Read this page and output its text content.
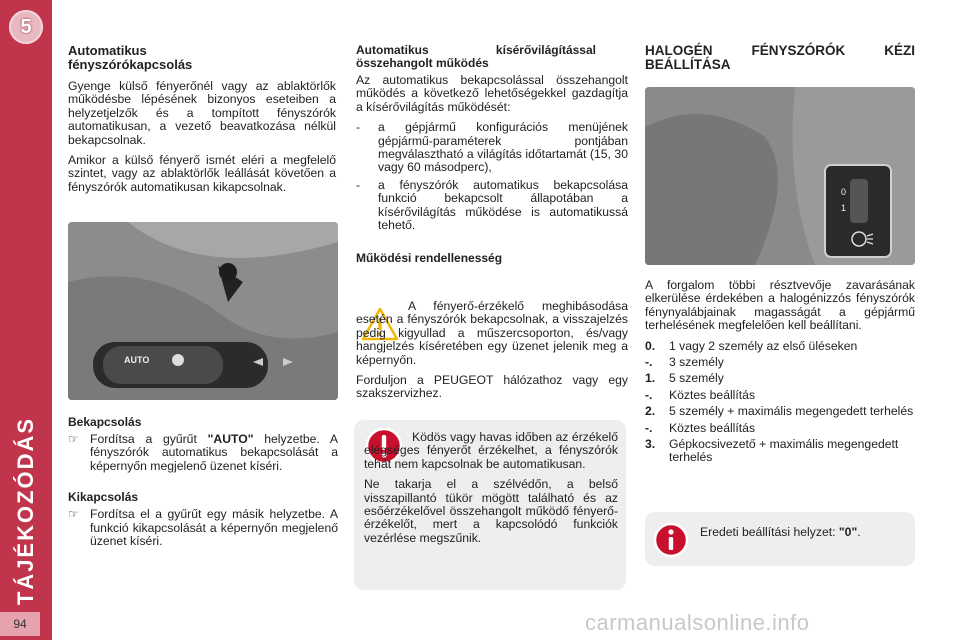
5
TÁJÉKOZÓDÁS
94
Automatikus fényszórókapcsolás

Gyenge külső fényerőnél vagy az ablaktörlők működésbe lépésének bizonyos eseteiben a helyzetjelzők és a tompított fényszórók automatikusan, a vezető beavatkozása nélkül bekapcsolnak.

Amikor a külső fényerő ismét eléri a megfelelő szintet, vagy az ablaktörlők leállását követően a fényszórók automatikusan kikapcsolnak.

AUTO
Bekapcsolás
☞ Fordítsa a gyűrűt "AUTO" helyzetbe. A fényszórók automatikus bekapcsolását a képernyőn megjelenő üzenet kíséri.
Kikapcsolás
☞ Fordítsa el a gyűrűt egy másik helyzetbe. A funkció kikapcsolását a képernyőn megjelenő üzenet kíséri.
Automatikus kísérővilágítással összehangolt működés

Az automatikus bekapcsolással összehangolt működés a következő lehetőségekkel gazdagítja a kísérővilágítás működését:

-	a gépjármű konfigurációs menüjének gépjármű-paraméterek pontjában megválasztható a világítás időtartamát (15, 30 vagy 60 másodperc),
-	a fényszórók automatikus bekapcsolása funkció bekapcsolt állapotában a kísérővilágítás működése is automatikussá tehető.
Működési rendellenesség

A fényerő-érzékelő meghibásodása esetén a fényszórók bekapcsolnak, a visszajelzés pedig kigyullad a műszercsoporton, és/vagy hangjelzés kíséretében egy üzenet jelenik meg a képernyőn.

Forduljon a PEUGEOT hálózathoz vagy egy szakszervizhez.

Ködös vagy havas időben az érzékelő elégséges fényerőt érzékelhet, a fényszórók tehát nem kapcsolnak be automatikusan.

Ne takarja el a szélvédőn, a belső visszapillantó tükör mögött található és az esőérzékelővel összehangolt működő fényerő-érzékelőt, mert a kapcsolódó funkciók vezérlése megszűnik.

HALOGÉN FÉNYSZÓRÓK KÉZI BEÁLLÍTÁSA
0
1

A forgalom többi résztvevője zavarásának elkerülése érdekében a halogénizzós fényszórók fénynyalábjainak magasságát a gépjármű terhelésének megfelelően kell beállítani.

0.	1 vagy 2 személy az első üléseken
-.	3 személy
1.	5 személy
-.	Köztes beállítás
2.	5 személy + maximális megengedett terhelés
-.	Köztes beállítás
3.	Gépkocsivezető + maximális megengedett terhelés
Eredeti beállítási helyzet: "0".
carmanualsonline.info
